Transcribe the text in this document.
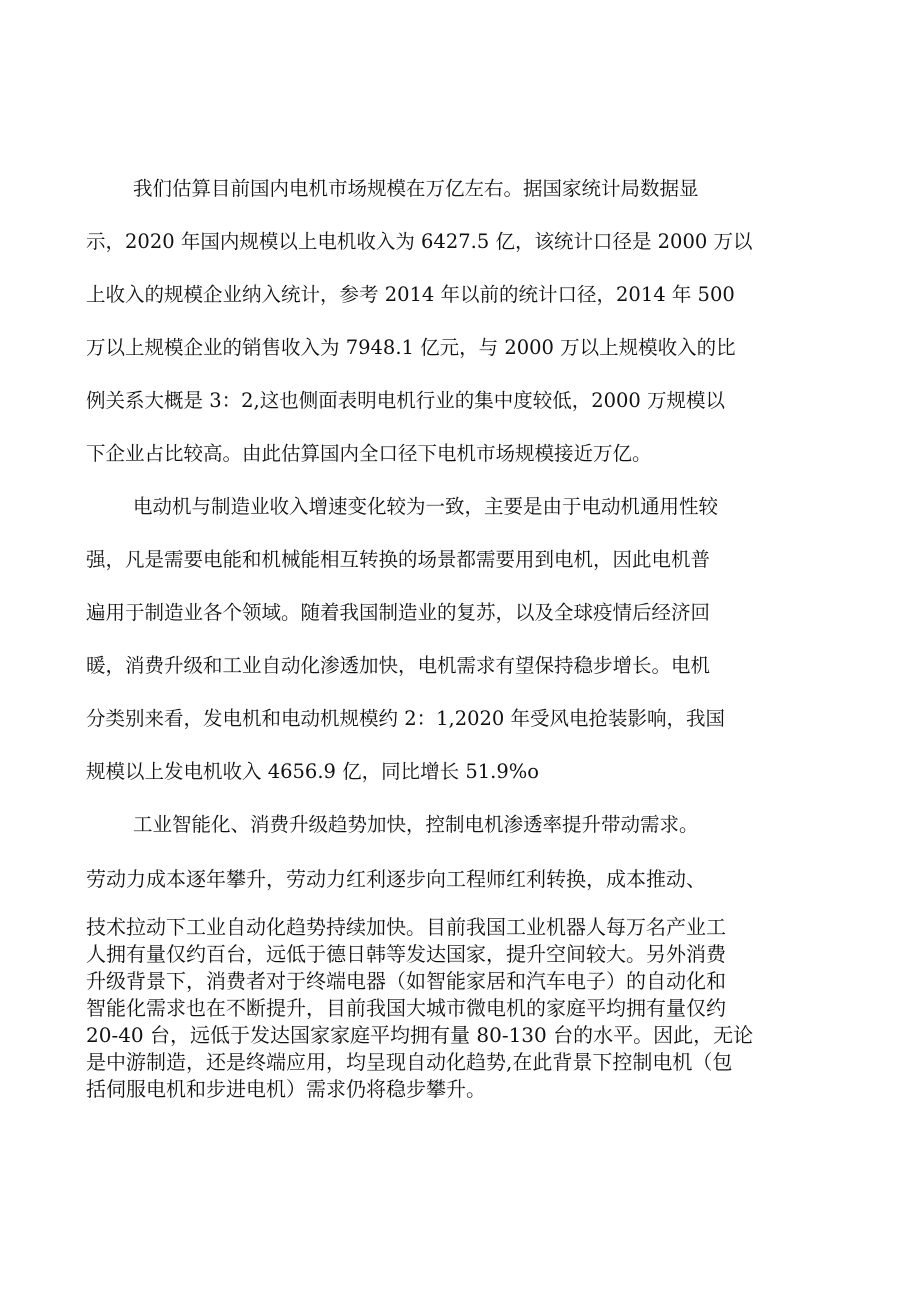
我们估算目前国内电机市场规模在万亿左右。据国家统计局数据显
示，2020 年国内规模以上电机收入为 6427.5 亿，该统计口径是 2000 万以
上收入的规模企业纳入统计，参考 2014 年以前的统计口径，2014 年 500
万以上规模企业的销售收入为 7948.1 亿元，与 2000 万以上规模收入的比
例关系大概是 3：2,这也侧面表明电机行业的集中度较低，2000 万规模以
下企业占比较高。由此估算国内全口径下电机市场规模接近万亿。
电动机与制造业收入增速变化较为一致，主要是由于电动机通用性较
强，凡是需要电能和机械能相互转换的场景都需要用到电机，因此电机普
遍用于制造业各个领域。随着我国制造业的复苏，以及全球疫情后经济回
暖，消费升级和工业自动化渗透加快，电机需求有望保持稳步增长。电机
分类别来看，发电机和电动机规模约 2：1,2020 年受风电抢装影响，我国
规模以上发电机收入 4656.9 亿，同比增长 51.9%o
工业智能化、消费升级趋势加快，控制电机渗透率提升带动需求。
劳动力成本逐年攀升，劳动力红利逐步向工程师红利转换，成本推动、
技术拉动下工业自动化趋势持续加快。目前我国工业机器人每万名产业工
人拥有量仅约百台，远低于德日韩等发达国家，提升空间较大。另外消费
升级背景下，消费者对于终端电器（如智能家居和汽车电子）的自动化和
智能化需求也在不断提升，目前我国大城市微电机的家庭平均拥有量仅约
20-40 台，远低于发达国家家庭平均拥有量 80-130 台的水平。因此，无论
是中游制造，还是终端应用，均呈现自动化趋势,在此背景下控制电机（包
括伺服电机和步进电机）需求仍将稳步攀升。
